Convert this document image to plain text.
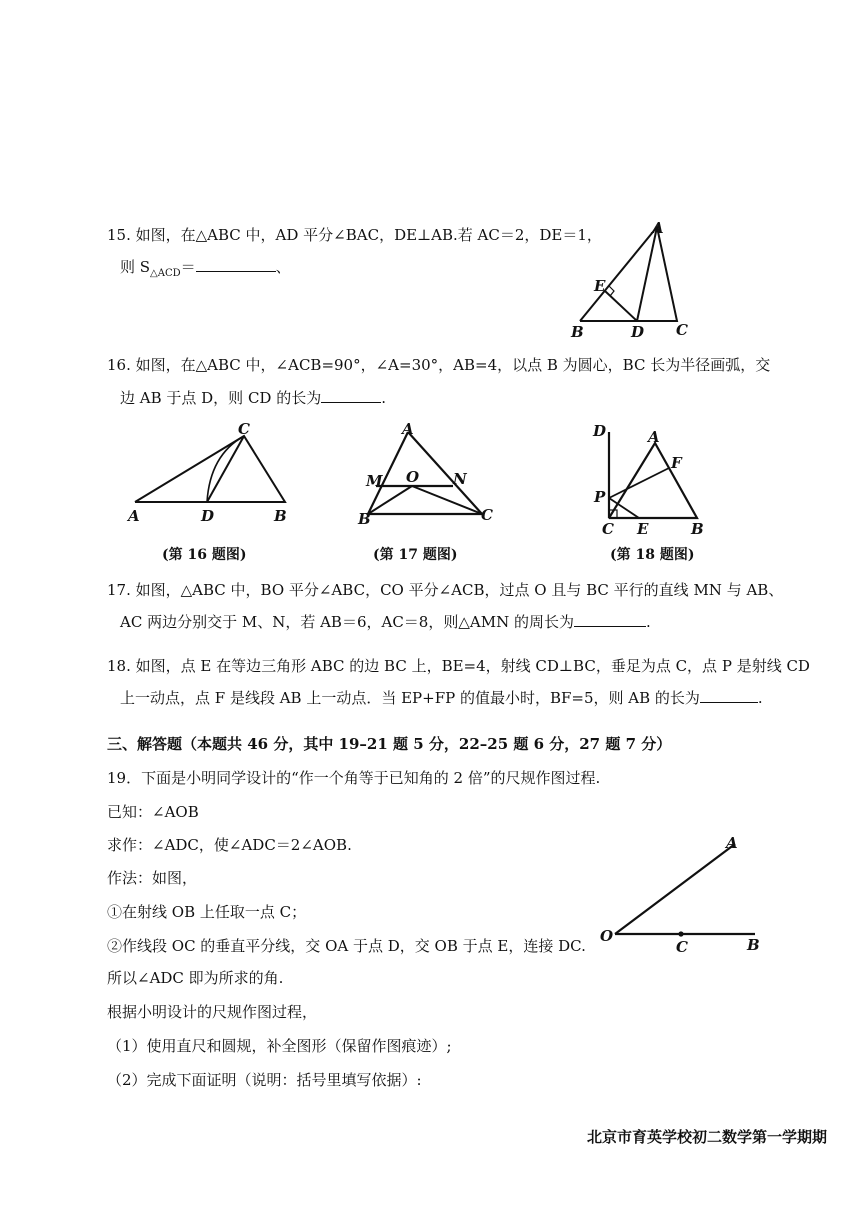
15. 如图，在△ABC 中，AD 平分∠BAC，DE⊥AB.若 AC＝2，DE＝1，
则 $S_{\triangle ACD}=$	、
A
E
B	D C
16. 如图，在△ABC 中，∠ACB=90°，∠A=30°，AB=4，以点 B 为圆心，BC 长为半径画弧，交
边 AB 于点 D，则 CD 的长为	.
C
A	D	B
(第 16 题图)
A
M O N
B	C
(第 17 题图)
D	A
F
P
C E	B
(第 18 题图)
17. 如图，△ABC 中，BO 平分∠ABC，CO 平分∠ACB，过点 O 且与 BC 平行的直线 MN 与 AB、
AC 两边分别交于 M、N，若 AB＝6，AC＝8，则△AMN 的周长为	.
18. 如图，点 E 在等边三角形 ABC 的边 BC 上，BE=4，射线 CD⊥BC，垂足为点 C，点 P 是射线 CD
上一动点，点 F 是线段 AB 上一动点．当 EP+FP 的值最小时，BF=5，则 AB 的长为	.
三、解答题（本题共 46 分，其中 19–21 题 5 分，22–25 题 6 分，27 题 7 分）
19．下面是小明同学设计的“作一个角等于已知角的 2 倍”的尺规作图过程.
已知：∠AOB
求作：∠ADC，使∠ADC＝2∠AOB.
作法：如图，
①在射线 OB 上任取一点 C；
②作线段 OC 的垂直平分线，交 OA 于点 D，交 OB 于点 E，连接 DC.
所以∠ADC 即为所求的角.
根据小明设计的尺规作图过程，
（1）使用直尺和圆规，补全图形（保留作图痕迹）;
（2）完成下面证明（说明：括号里填写依据）:
A
O
C	B
北京市育英学校初二数学第一学期期
